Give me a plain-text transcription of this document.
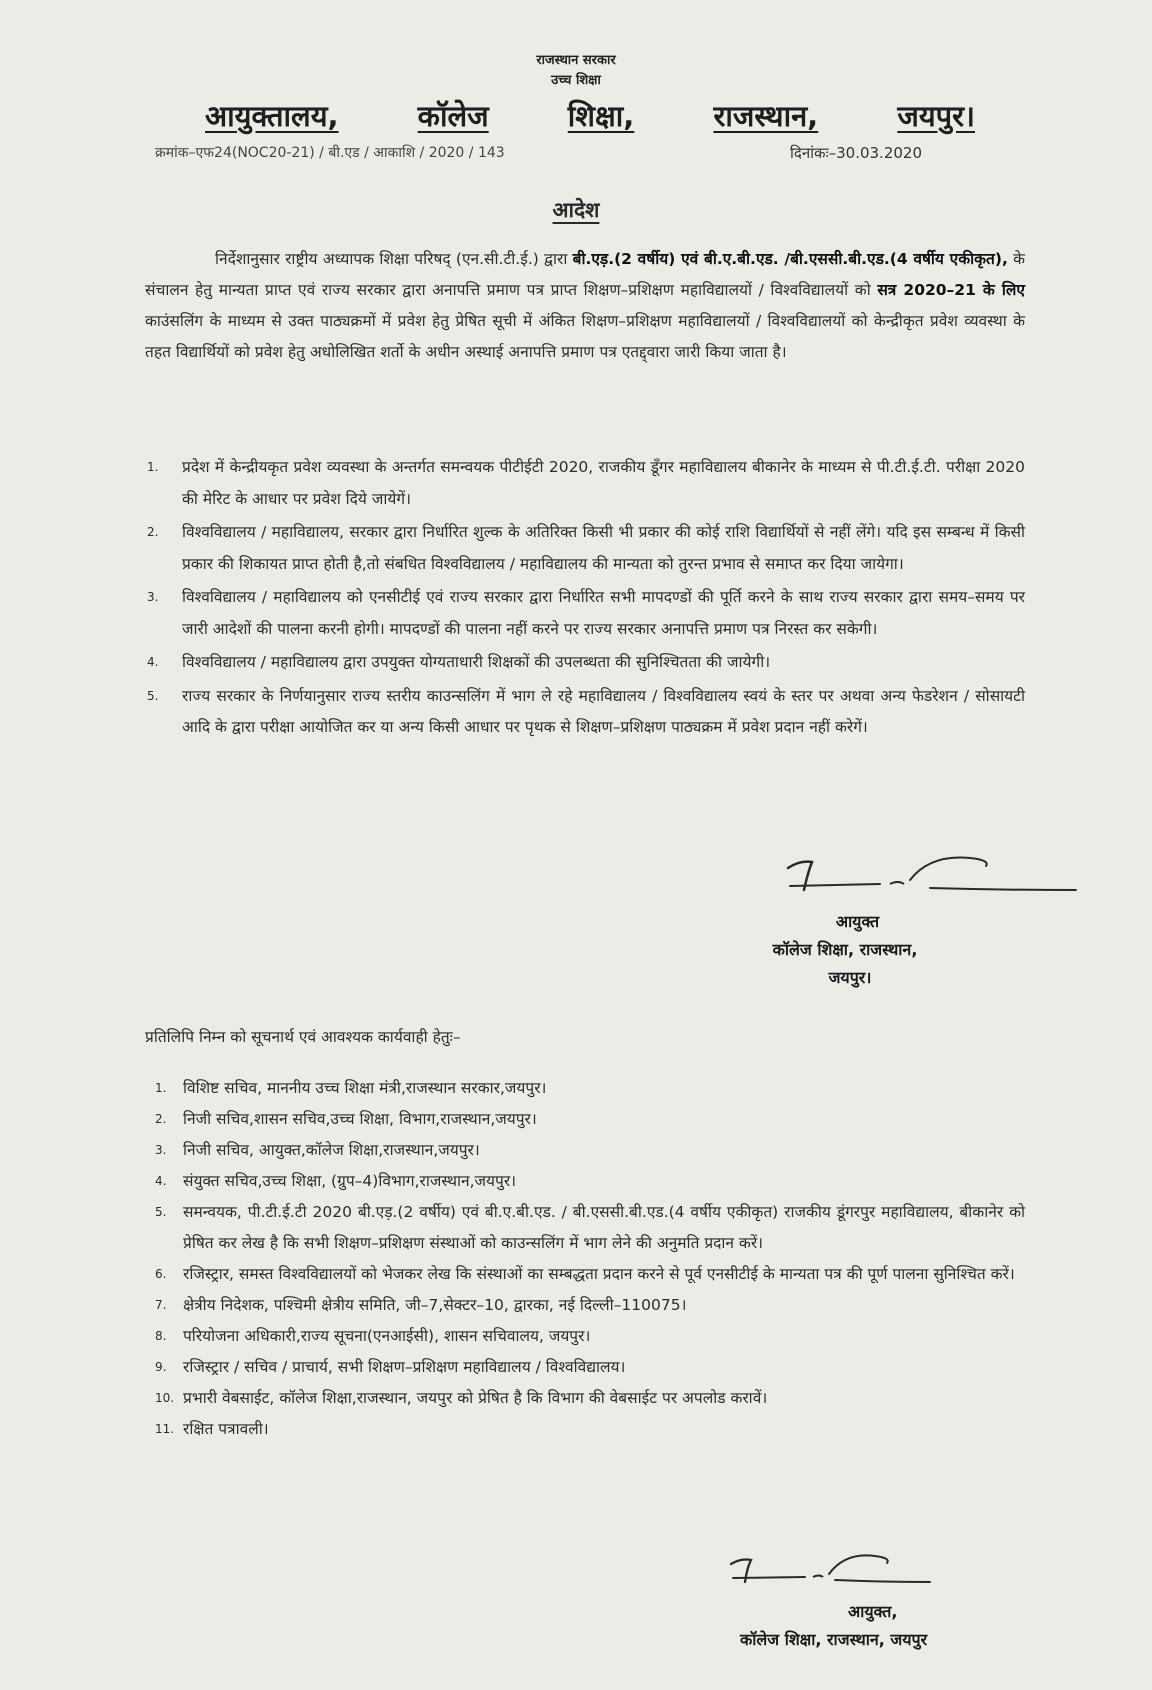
राजस्थान सरकार
उच्च शिक्षा
आयुक्तालय,	कॉलेज	शिक्षा,	राजस्थान,	जयपुर।
क्रमांक–एफ24(NOC20-21) / बी.एड / आकाशि / 2020 / 143	दिनांकः–30.03.2020
आदेश
निर्देशानुसार राष्ट्रीय अध्यापक शिक्षा परिषद् (एन.सी.टी.ई.) द्वारा बी.एड़.(2 वर्षीय) एवं बी.ए.बी.एड. /बी.एससी.बी.एड.(4 वर्षीय एकीकृत), के संचालन हेतु मान्यता प्राप्त एवं राज्य सरकार द्वारा अनापत्ति प्रमाण पत्र प्राप्त शिक्षण–प्रशिक्षण महाविद्यालयों / विश्वविद्यालयों को सत्र 2020–21 के लिए काउंसलिंग के माध्यम से उक्त पाठ्यक्रमों में प्रवेश हेतु प्रेषित सूची में अंकित शिक्षण–प्रशिक्षण महाविद्यालयों / विश्वविद्यालयों को केन्द्रीकृत प्रवेश व्यवस्था के तहत विद्यार्थियों को प्रवेश हेतु अधोलिखित शर्तो के अधीन अस्थाई अनापत्ति प्रमाण पत्र एतद्द्वारा जारी किया जाता है।
1.	प्रदेश में केन्द्रीयकृत प्रवेश व्यवस्था के अन्तर्गत समन्वयक पीटीईटी 2020, राजकीय डूँगर महाविद्यालय बीकानेर के माध्यम से पी.टी.ई.टी. परीक्षा 2020 की मेरिट के आधार पर प्रवेश दिये जायेगें।
2.	विश्वविद्यालय / महाविद्यालय, सरकार द्वारा निर्धारित शुल्क के अतिरिक्त किसी भी प्रकार की कोई राशि विद्यार्थियों से नहीं लेंगे। यदि इस सम्बन्ध में किसी प्रकार की शिकायत प्राप्त होती है,तो संबधित विश्वविद्यालय / महाविद्यालय की मान्यता को तुरन्त प्रभाव से समाप्त कर दिया जायेगा।
3.	विश्वविद्यालय / महाविद्यालय को एनसीटीई एवं राज्य सरकार द्वारा निर्धारित सभी मापदण्डों की पूर्ति करने के साथ राज्य सरकार द्वारा समय–समय पर जारी आदेशों की पालना करनी होगी। मापदण्डों की पालना नहीं करने पर राज्य सरकार अनापत्ति प्रमाण पत्र निरस्त कर सकेगी।
4.	विश्वविद्यालय / महाविद्यालय द्वारा उपयुक्त योग्यताधारी शिक्षकों की उपलब्धता की सुनिश्चितता की जायेगी।
5.	राज्य सरकार के निर्णयानुसार राज्य स्तरीय काउन्सलिंग में भाग ले रहे महाविद्यालय / विश्वविद्यालय स्वयं के स्तर पर अथवा अन्य फेडरेशन / सोसायटी आदि के द्वारा परीक्षा आयोजित कर या अन्य किसी आधार पर पृथक से शिक्षण–प्रशिक्षण पाठ्यक्रम में प्रवेश प्रदान नहीं करेगें।
आयुक्त
कॉलेज शिक्षा, राजस्थान,
जयपुर।
प्रतिलिपि निम्न को सूचनार्थ एवं आवश्यक कार्यवाही हेतुः–
1.	विशिष्ट सचिव, माननीय उच्च शिक्षा मंत्री,राजस्थान सरकार,जयपुर।
2.	निजी सचिव,शासन सचिव,उच्च शिक्षा, विभाग,राजस्थान,जयपुर।
3.	निजी सचिव, आयुक्त,कॉलेज शिक्षा,राजस्थान,जयपुर।
4.	संयुक्त सचिव,उच्च शिक्षा, (ग्रुप–4)विभाग,राजस्थान,जयपुर।
5.	समन्वयक, पी.टी.ई.टी 2020 बी.एड़.(2 वर्षीय) एवं बी.ए.बी.एड. / बी.एससी.बी.एड.(4 वर्षीय एकीकृत) राजकीय डूंगरपुर महाविद्यालय, बीकानेर को प्रेषित कर लेख है कि सभी शिक्षण–प्रशिक्षण संस्थाओं को काउन्सलिंग में भाग लेने की अनुमति प्रदान करें।
6.	रजिस्ट्रार, समस्त विश्वविद्यालयों को भेजकर लेख कि संस्थाओं का सम्बद्धता प्रदान करने से पूर्व एनसीटीई के मान्यता पत्र की पूर्ण पालना सुनिश्चित करें।
7.	क्षेत्रीय निदेशक, पश्चिमी क्षेत्रीय समिति, जी–7,सेक्टर–10, द्वारका, नई दिल्ली–110075।
8.	परियोजना अधिकारी,राज्य सूचना(एनआईसी), शासन सचिवालय, जयपुर।
9.	रजिस्ट्रार / सचिव / प्राचार्य, सभी शिक्षण–प्रशिक्षण महाविद्यालय / विश्वविद्यालय।
10. प्रभारी वेबसाईट, कॉलेज शिक्षा,राजस्थान, जयपुर को प्रेषित है कि विभाग की वेबसाईट पर अपलोड करावें।
11. रक्षित पत्रावली।
आयुक्त,
कॉलेज शिक्षा, राजस्थान, जयपुर
